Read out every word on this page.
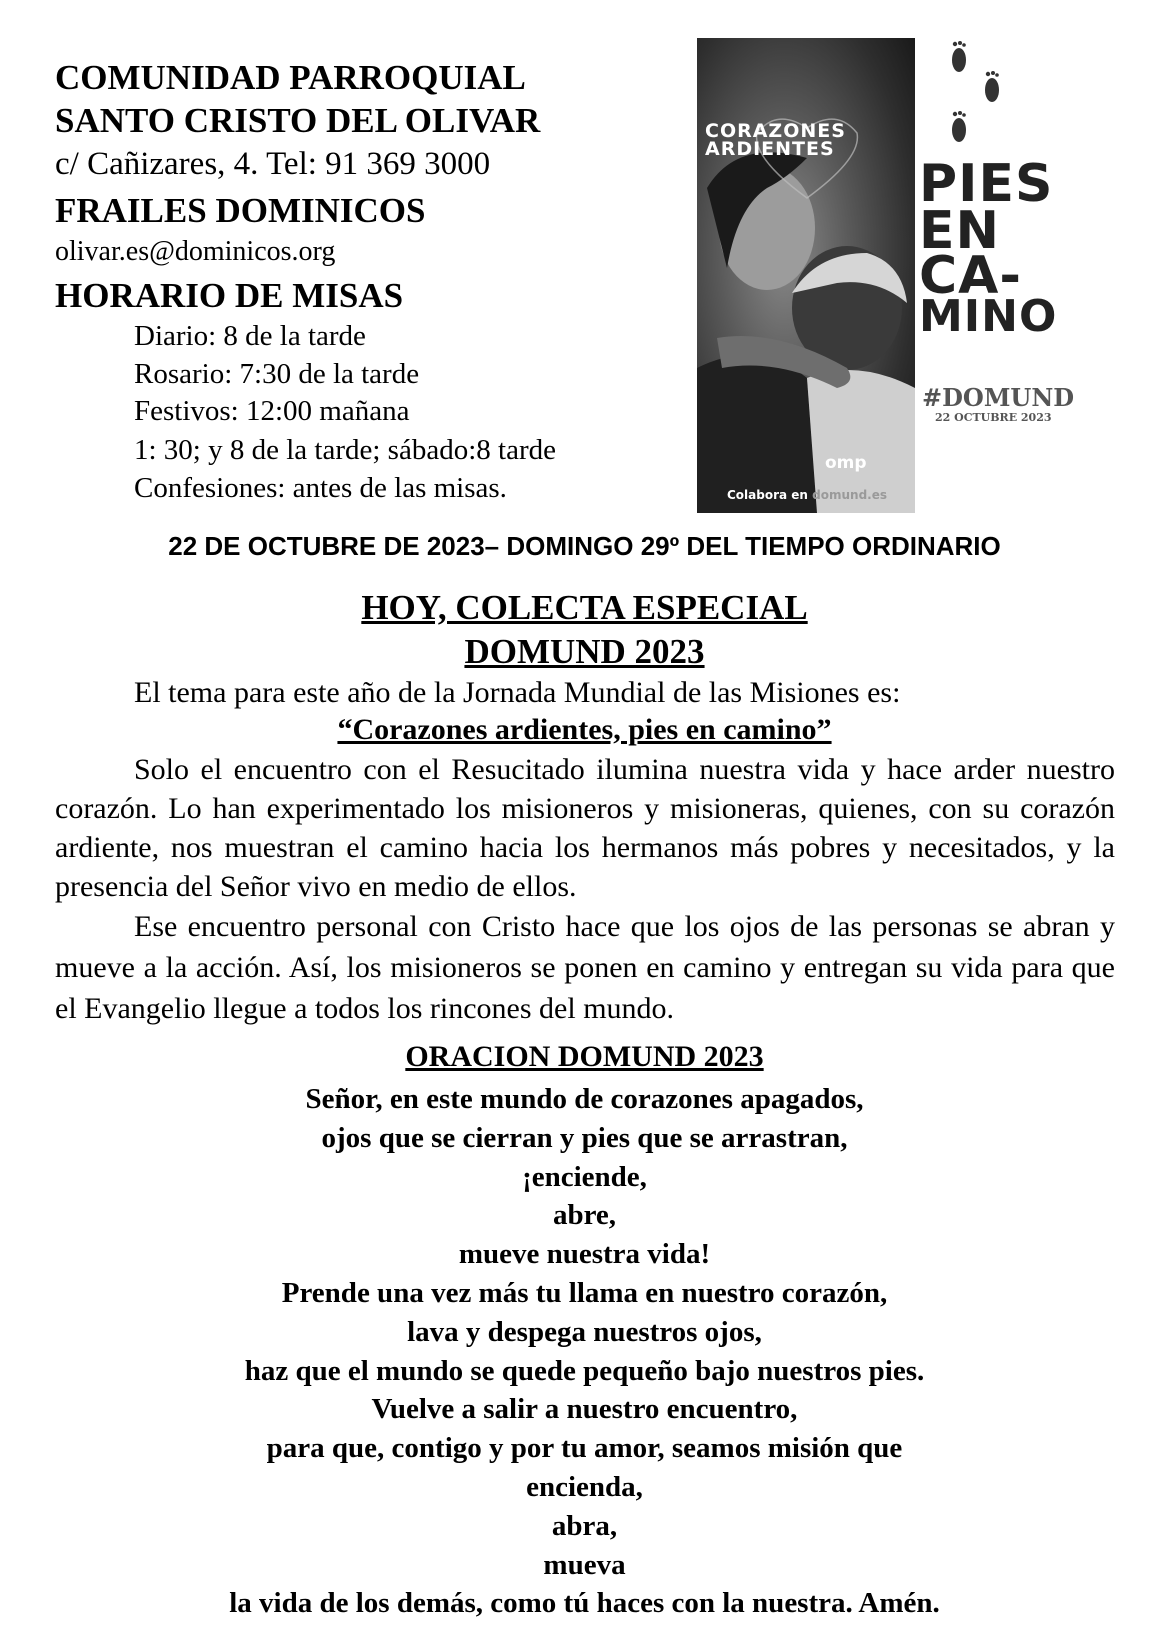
COMUNIDAD PARROQUIAL
SANTO CRISTO DEL OLIVAR
c/ Cañizares, 4. Tel: 91 369 3000
FRAILES DOMINICOS
olivar.es@dominicos.org
HORARIO DE MISAS
Diario: 8 de la tarde
Rosario: 7:30 de la tarde
Festivos: 12:00 mañana
1: 30; y 8 de la tarde; sábado:8 tarde
Confesiones: antes de las misas.
CORAZONES
ARDIENTES
omp
Colabora en domund.es
PIES
EN
CA-
MINO
#DOMUND
22 OCTUBRE 2023
22 DE OCTUBRE DE 2023– DOMINGO 29º DEL TIEMPO ORDINARIO
HOY, COLECTA ESPECIAL
DOMUND 2023
El tema para este año de la Jornada Mundial de las Misiones es:
“Corazones ardientes, pies en camino”

Solo el encuentro con el Resucitado ilumina nuestra vida y hace arder nuestro corazón. Lo han experimentado los misioneros y misioneras, quienes, con su corazón ardiente, nos muestran el camino hacia los hermanos más pobres y necesitados, y la presencia del Señor vivo en medio de ellos.

Ese encuentro personal con Cristo hace que los ojos de las personas se abran y mueve a la acción. Así, los misioneros se ponen en camino y entregan su vida para que el Evangelio llegue a todos los rincones del mundo.

ORACION DOMUND 2023
Señor, en este mundo de corazones apagados,
ojos que se cierran y pies que se arrastran,
¡enciende,
abre,
mueve nuestra vida!
Prende una vez más tu llama en nuestro corazón,
lava y despega nuestros ojos,
haz que el mundo se quede pequeño bajo nuestros pies.
Vuelve a salir a nuestro encuentro,
para que, contigo y por tu amor, seamos misión que
encienda,
abra,
mueva
la vida de los demás, como tú haces con la nuestra. Amén.
